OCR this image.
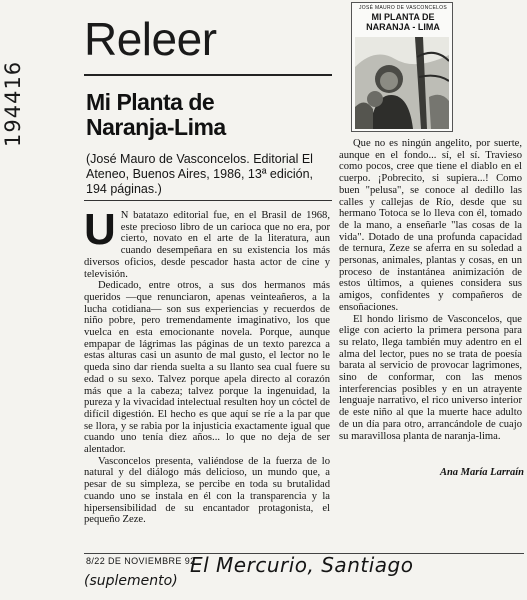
194416
Releer
Mi Planta de Naranja-Lima
(José Mauro de Vasconcelos. Editorial El Ateneo, Buenos Aires, 1986, 13ª edición, 194 páginas.)
JOSÉ MAURO DE VASCONCELOS
MI PLANTA DE NARANJA - LIMA
U N batatazo editorial fue, en el Brasil de 1968, este precioso libro de un carioca que no era, por cierto, novato en el arte de la literatura, aun cuando desempeñara en su existencia los más diversos oficios, desde pescador hasta actor de cine y televisión.

Dedicado, entre otros, a sus dos hermanos más queridos —que renunciaron, apenas veinteañeros, a la lucha cotidiana— son sus experiencias y recuerdos de niño pobre, pero tremendamente imaginativo, los que vuelca en esta emocionante novela. Porque, aunque empapar de lágrimas las páginas de un texto parezca a estas alturas casi un asunto de mal gusto, el lector no le queda sino dar rienda suelta a su llanto sea cual fuere su edad o su sexo. Talvez porque apela directo al corazón más que a la cabeza; talvez porque la ingenuidad, la pureza y la vivacidad intelectual resulten hoy un cóctel de difícil digestión. El hecho es que aquí se ríe a la par que se llora, y se rabia por la injusticia exactamente igual que cuando uno tenía diez años... lo que no deja de ser alentador.

Vasconcelos presenta, valiéndose de la fuerza de lo natural y del diálogo más delicioso, un mundo que, a pesar de su simpleza, se percibe en toda su brutalidad cuando uno se instala en él con la transparencia y la hipersensibilidad de su encantador protagonista, el pequeño Zeze.

Que no es ningún angelito, por suerte, aunque en el fondo... sí, el sí. Travieso como pocos, cree que tiene el diablo en el cuerpo. ¡Pobrecito, si supiera...! Como buen "pelusa", se conoce al dedillo las calles y callejas de Río, desde que su hermano Totoca se lo lleva con él, tomado de la mano, a enseñarle "las cosas de la vida". Dotado de una profunda capacidad de ternura, Zeze se aferra en su soledad a personas, animales, plantas y cosas, en un proceso de instantánea animización de estos últimos, a quienes considera sus amigos, confidentes y compañeros de ensoñaciones.

El hondo lirismo de Vasconcelos, que elige con acierto la primera persona para su relato, llega también muy adentro en el alma del lector, pues no se trata de poesía barata al servicio de provocar lagrimones, sino de conformar, con las menos interferencias posibles y en un atrayente lenguaje narrativo, el rico universo interior de este niño al que la muerte hace adulto de un día para otro, arrancándole de cuajo su maravillosa planta de naranja-lima.

Ana María Larraín
8/22 DE NOVIEMBRE 92
El Mercurio, Santiago
(suplemento)
